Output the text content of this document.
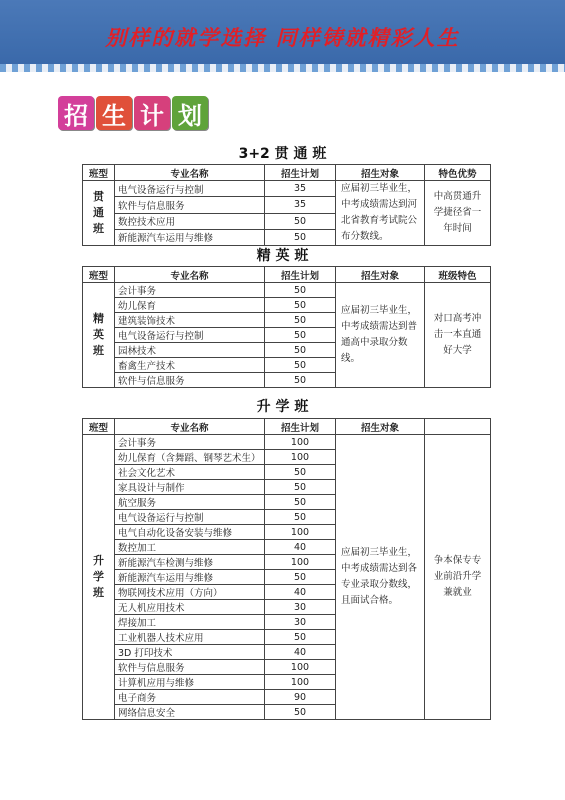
别样的就学选择 同样铸就精彩人生
招 生 计 划
3+2 贯 通 班
班型	专业名称	招生计划	招生对象	特色优势

贯通班	电气设备运行与控制	35	应届初三毕业生，中考成绩需达到河北省教育考试院公布分数线。	中高贯通升学捷径省一年时间

	软件与信息服务	35		
	数控技术应用	50		
	新能源汽车运用与维修	50		
精 英 班
班型	专业名称	招生计划	招生对象	班级特色

精英班	会计事务	50	应届初三毕业生，中考成绩需达到普通高中录取分数线。	对口高考冲击一本直通好大学

	幼儿保育	50		
	建筑装饰技术	50		
	电气设备运行与控制	50		
	园林技术	50		
	畜禽生产技术	50		
	软件与信息服务	50		
升 学 班
班型	专业名称	招生计划	招生对象	

升学班	会计事务	100	应届初三毕业生，中考成绩需达到各专业录取分数线，且面试合格。	争本保专专业前沿升学兼就业

	幼儿保育（含舞蹈、钢琴艺术生）	100		
	社会文化艺术	50		
	家具设计与制作	50		
	航空服务	50		
	电气设备运行与控制	50		
	电气自动化设备安装与维修	100		
	数控加工	40		
	新能源汽车检测与维修	100		
	新能源汽车运用与维修	50		
	物联网技术应用（方向）	40		
	无人机应用技术	30		
	焊接加工	30		
	工业机器人技术应用	50		
	3D 打印技术	40		
	软件与信息服务	100		
	计算机应用与维修	100		
	电子商务	90		
	网络信息安全	50		
